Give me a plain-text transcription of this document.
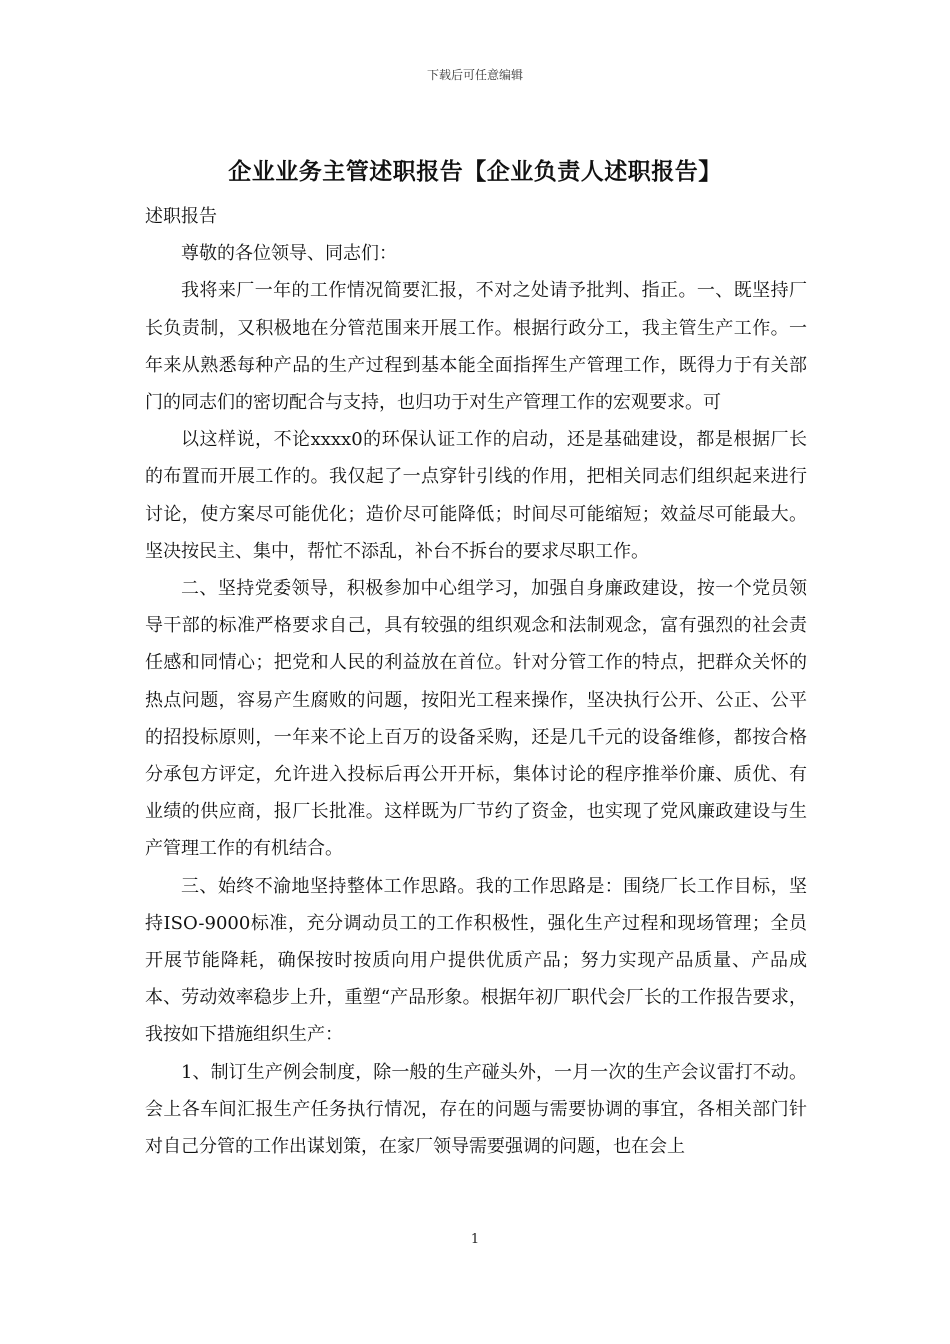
下载后可任意编辑
企业业务主管述职报告【企业负责人述职报告】

述职报告

尊敬的各位领导、同志们：

我将来厂一年的工作情况简要汇报，不对之处请予批判、指正。一、既坚持厂长负责制，又积极地在分管范围来开展工作。根据行政分工，我主管生产工作。一年来从熟悉每种产品的生产过程到基本能全面指挥生产管理工作，既得力于有关部门的同志们的密切配合与支持，也归功于对生产管理工作的宏观要求。可

以这样说，不论xxxx0的环保认证工作的启动，还是基础建设，都是根据厂长的布置而开展工作的。我仅起了一点穿针引线的作用，把相关同志们组织起来进行讨论，使方案尽可能优化；造价尽可能降低；时间尽可能缩短；效益尽可能最大。坚决按民主、集中，帮忙不添乱，补台不拆台的要求尽职工作。

二、坚持党委领导，积极参加中心组学习，加强自身廉政建设，按一个党员领导干部的标准严格要求自己，具有较强的组织观念和法制观念，富有强烈的社会责任感和同情心；把党和人民的利益放在首位。针对分管工作的特点，把群众关怀的热点问题，容易产生腐败的问题，按阳光工程来操作，坚决执行公开、公正、公平的招投标原则，一年来不论上百万的设备采购，还是几千元的设备维修，都按合格分承包方评定，允许进入投标后再公开开标，集体讨论的程序推举价廉、质优、有业绩的供应商，报厂长批准。这样既为厂节约了资金，也实现了党风廉政建设与生产管理工作的有机结合。

三、始终不渝地坚持整体工作思路。我的工作思路是：围绕厂长工作目标，坚持ISO-9000标准，充分调动员工的工作积极性，强化生产过程和现场管理；全员开展节能降耗，确保按时按质向用户提供优质产品；努力实现产品质量、产品成本、劳动效率稳步上升，重塑“产品形象。根据年初厂职代会厂长的工作报告要求，我按如下措施组织生产：

1、制订生产例会制度，除一般的生产碰头外，一月一次的生产会议雷打不动。会上各车间汇报生产任务执行情况，存在的问题与需要协调的事宜，各相关部门针对自己分管的工作出谋划策，在家厂领导需要强调的问题，也在会上

1
